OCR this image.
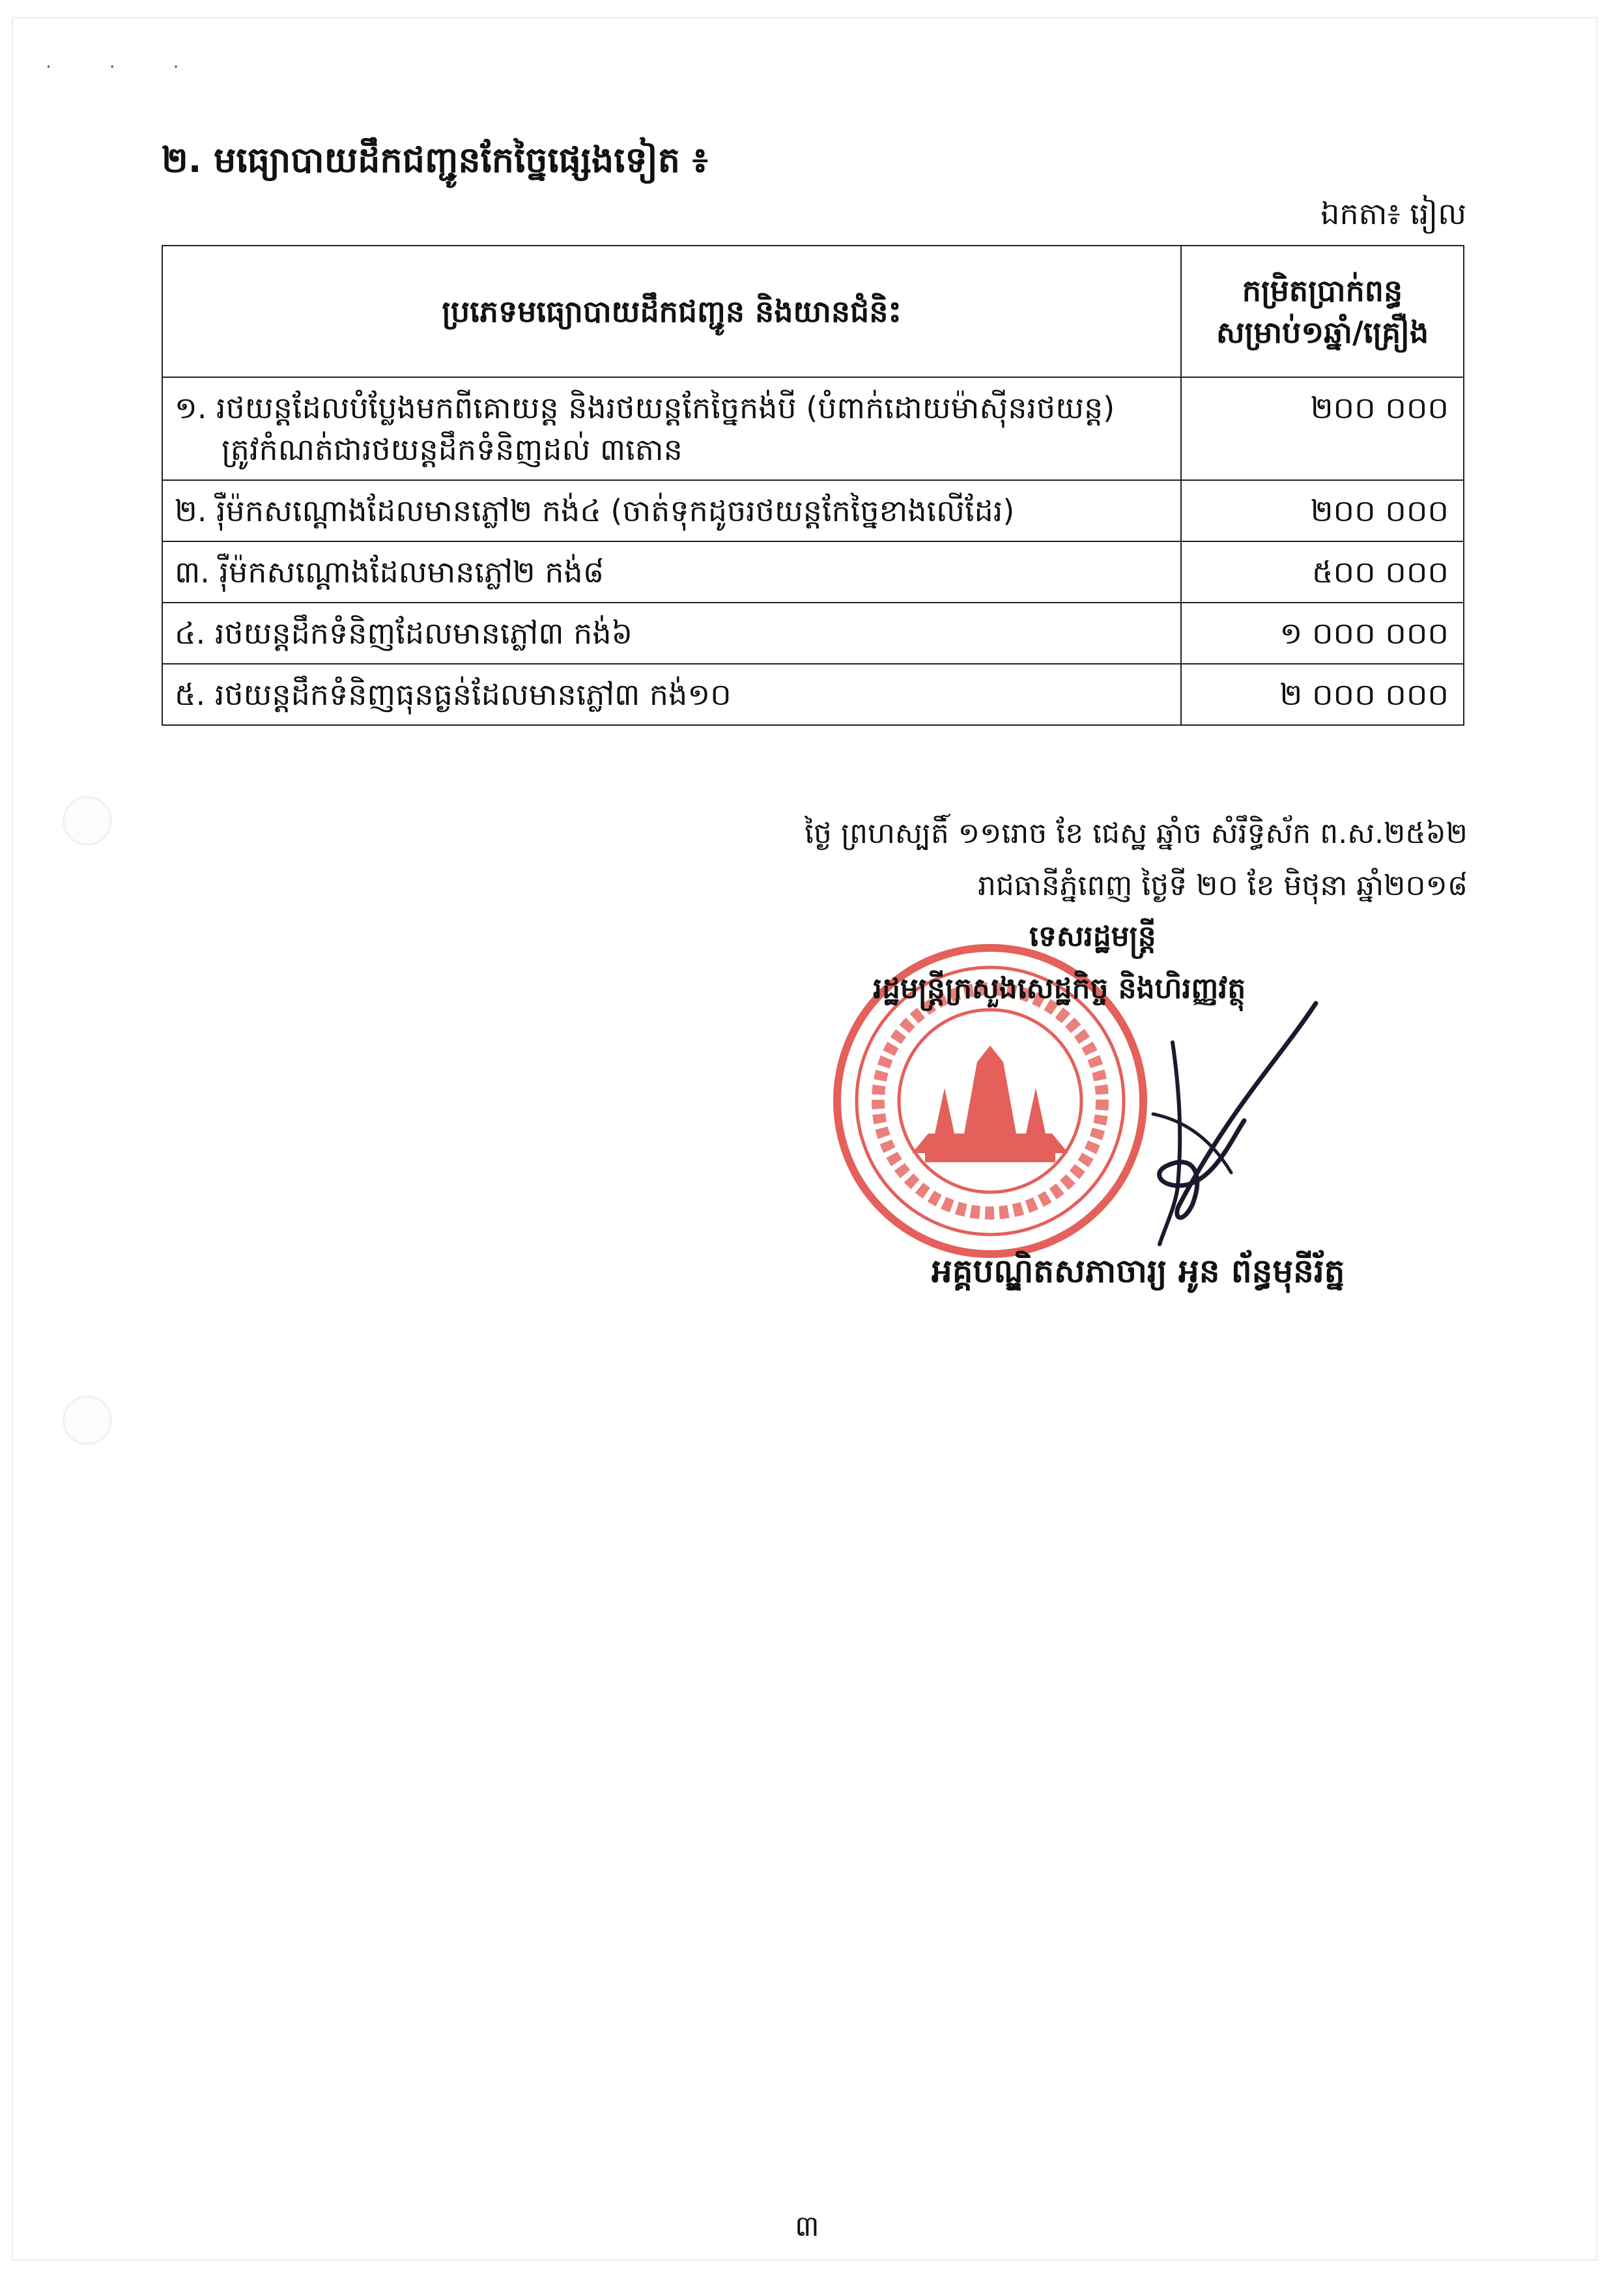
· · ·
២. មធ្យោបាយដឹកជញ្ជូនកែច្នៃផ្សេងទៀត ៖
ឯកតា៖ រៀល
ប្រភេទមធ្យោបាយដឹកជញ្ជូន និងយានជំនិះ	កម្រិតប្រាក់ពន្ធ
សម្រាប់១ឆ្នាំ/គ្រឿង
១. រថយន្តដែលបំប្លែងមកពីគោយន្ត និងរថយន្តកែច្នៃកង់បី (បំពាក់ដោយម៉ាស៊ីនរថយន្ត)
ត្រូវកំណត់ជារថយន្តដឹកទំនិញដល់ ៣តោន	២០០ ០០០
២. រ៉ឺម៉កសណ្តោងដែលមានភ្លៅ២ កង់៤ (ចាត់ទុកដូចរថយន្តកែច្នៃខាងលើដែរ)	២០០ ០០០
៣. រ៉ឺម៉កសណ្តោងដែលមានភ្លៅ២ កង់៨	៥០០ ០០០
៤. រថយន្តដឹកទំនិញដែលមានភ្លៅ៣ កង់៦	១ ០០០ ០០០
៥. រថយន្តដឹកទំនិញធុនធ្ងន់ដែលមានភ្លៅ៣ កង់១០	២ ០០០ ០០០
ថ្ងៃ ព្រហស្បតិ៍ ១១រោច ខែ ជេស្ឋ ឆ្នាំច សំរឹទ្ធិស័ក ព.ស.២៥៦២
រាជធានីភ្នំពេញ ថ្ងៃទី ២០ ខែ មិថុនា ឆ្នាំ២០១៨
ទេសរដ្ឋមន្ត្រី
រដ្ឋមន្ត្រីក្រសួងសេដ្ឋកិច្ច និងហិរញ្ញវត្ថុ
អគ្គបណ្ឌិតសភាចារ្យ អូន ព័ន្ធមុនីរ័ត្ន
៣
